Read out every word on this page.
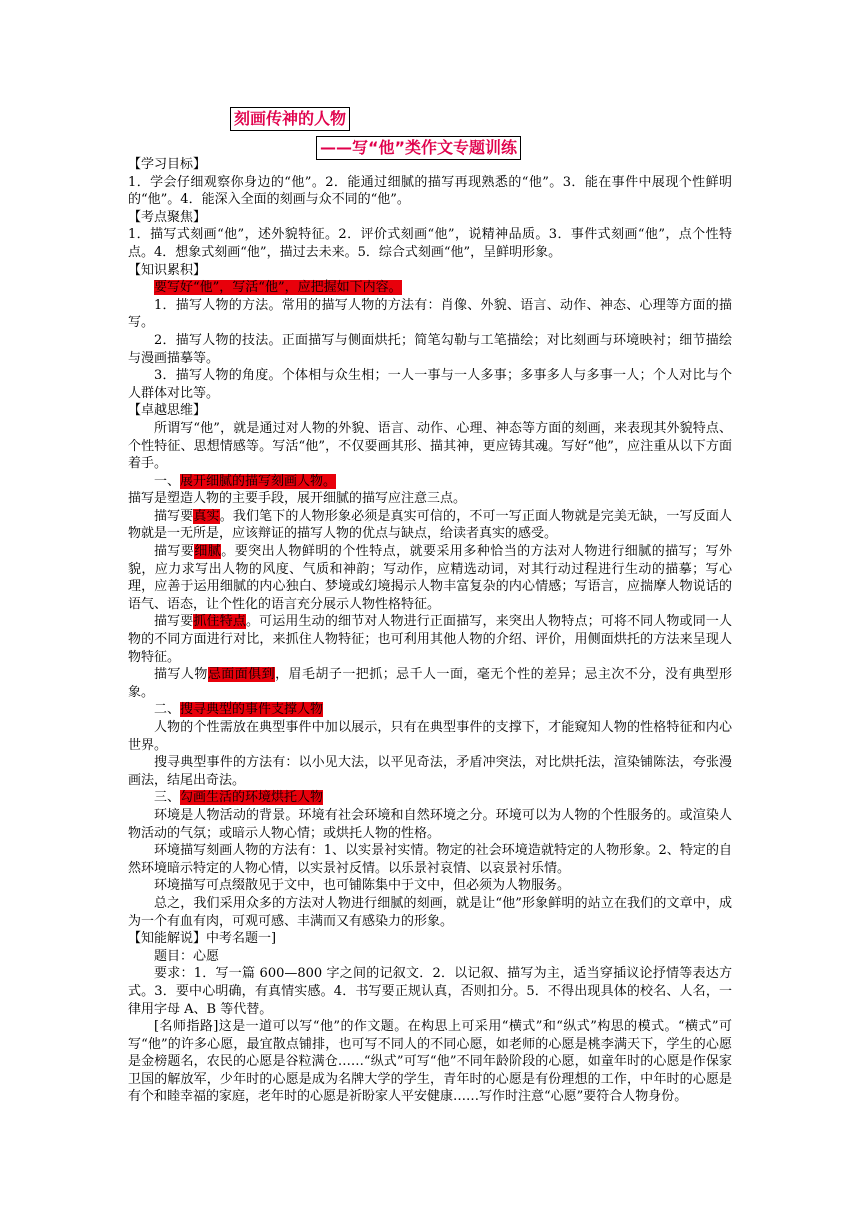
刻画传神的人物
——写“他”类作文专题训练

【学习目标】

1．学会仔细观察你身边的“他”。2．能通过细腻的描写再现熟悉的“他”。3．能在事件中展现个性鲜明的“他”。4．能深入全面的刻画与众不同的“他”。

【考点聚焦】

1．描写式刻画“他”，述外貌特征。2．评价式刻画“他”，说精神品质。3．事件式刻画“他”，点个性特点。4．想象式刻画“他”，描过去未来。5．综合式刻画“他”，呈鲜明形象。

【知识累积】

要写好“他”，写活“他”，应把握如下内容。

1．描写人物的方法。常用的描写人物的方法有：肖像、外貌、语言、动作、神态、心理等方面的描写。

2．描写人物的技法。正面描写与侧面烘托；简笔勾勒与工笔描绘；对比刻画与环境映衬；细节描绘与漫画描摹等。

3．描写人物的角度。个体相与众生相；一人一事与一人多事；多事多人与多事一人；个人对比与个人群体对比等。

【卓越思维】

所谓写“他”，就是通过对人物的外貌、语言、动作、心理、神态等方面的刻画，来表现其外貌特点、个性特征、思想情感等。写活“他”，不仅要画其形、描其神，更应铸其魂。写好“他”，应注重从以下方面着手。

一、展开细腻的描写刻画人物。

描写是塑造人物的主要手段，展开细腻的描写应注意三点。

描写要真实。我们笔下的人物形象必须是真实可信的，不可一写正面人物就是完美无缺，一写反面人物就是一无所是，应该辩证的描写人物的优点与缺点，给读者真实的感受。

描写要细腻。要突出人物鲜明的个性特点，就要采用多种恰当的方法对人物进行细腻的描写；写外貌，应力求写出人物的风度、气质和神韵；写动作，应精选动词，对其行动过程进行生动的描摹；写心理，应善于运用细腻的内心独白、梦境或幻境揭示人物丰富复杂的内心情感；写语言，应揣摩人物说话的语气、语态，让个性化的语言充分展示人物性格特征。

描写要抓住特点。可运用生动的细节对人物进行正面描写，来突出人物特点；可将不同人物或同一人物的不同方面进行对比，来抓住人物特征；也可利用其他人物的介绍、评价，用侧面烘托的方法来呈现人物特征。

描写人物忌面面俱到，眉毛胡子一把抓；忌千人一面，毫无个性的差异；忌主次不分，没有典型形象。

二、搜寻典型的事件支撑人物

人物的个性需放在典型事件中加以展示，只有在典型事件的支撑下，才能窥知人物的性格特征和内心世界。

搜寻典型事件的方法有：以小见大法，以平见奇法，矛盾冲突法，对比烘托法，渲染铺陈法，夸张漫画法，结尾出奇法。

三、勾画生活的环境烘托人物

环境是人物活动的背景。环境有社会环境和自然环境之分。环境可以为人物的个性服务的。或渲染人物活动的气氛；或暗示人物心情；或烘托人物的性格。

环境描写刻画人物的方法有：1、以实景衬实情。物定的社会环境造就特定的人物形象。2、特定的自然环境暗示特定的人物心情，以实景衬反情。以乐景衬哀情、以哀景衬乐情。

环境描写可点缀散见于文中，也可铺陈集中于文中，但必须为人物服务。

总之，我们采用众多的方法对人物进行细腻的刻画，就是让“他”形象鲜明的站立在我们的文章中，成为一个有血有肉，可观可感、丰满而又有感染力的形象。

【知能解说】中考名题一]

题目：心愿

要求：1．写一篇 600—800 字之间的记叙文．2．以记叙、描写为主，适当穿插议论抒情等表达方式。3．要中心明确，有真情实感。4．书写要正规认真，否则扣分。5．不得出现具体的校名、人名，一律用字母 A、B 等代替。

[名师指路]这是一道可以写“他”的作文题。在构思上可采用“横式”和“纵式”构思的模式。“横式”可写“他”的许多心愿，最宜散点铺排，也可写不同人的不同心愿，如老师的心愿是桃李满天下，学生的心愿是金榜题名，农民的心愿是谷粒满仓……“纵式”可写“他”不同年龄阶段的心愿，如童年时的心愿是作保家卫国的解放军，少年时的心愿是成为名牌大学的学生，青年时的心愿是有份理想的工作，中年时的心愿是有个和睦幸福的家庭，老年时的心愿是祈盼家人平安健康……写作时注意“心愿”要符合人物身份。
